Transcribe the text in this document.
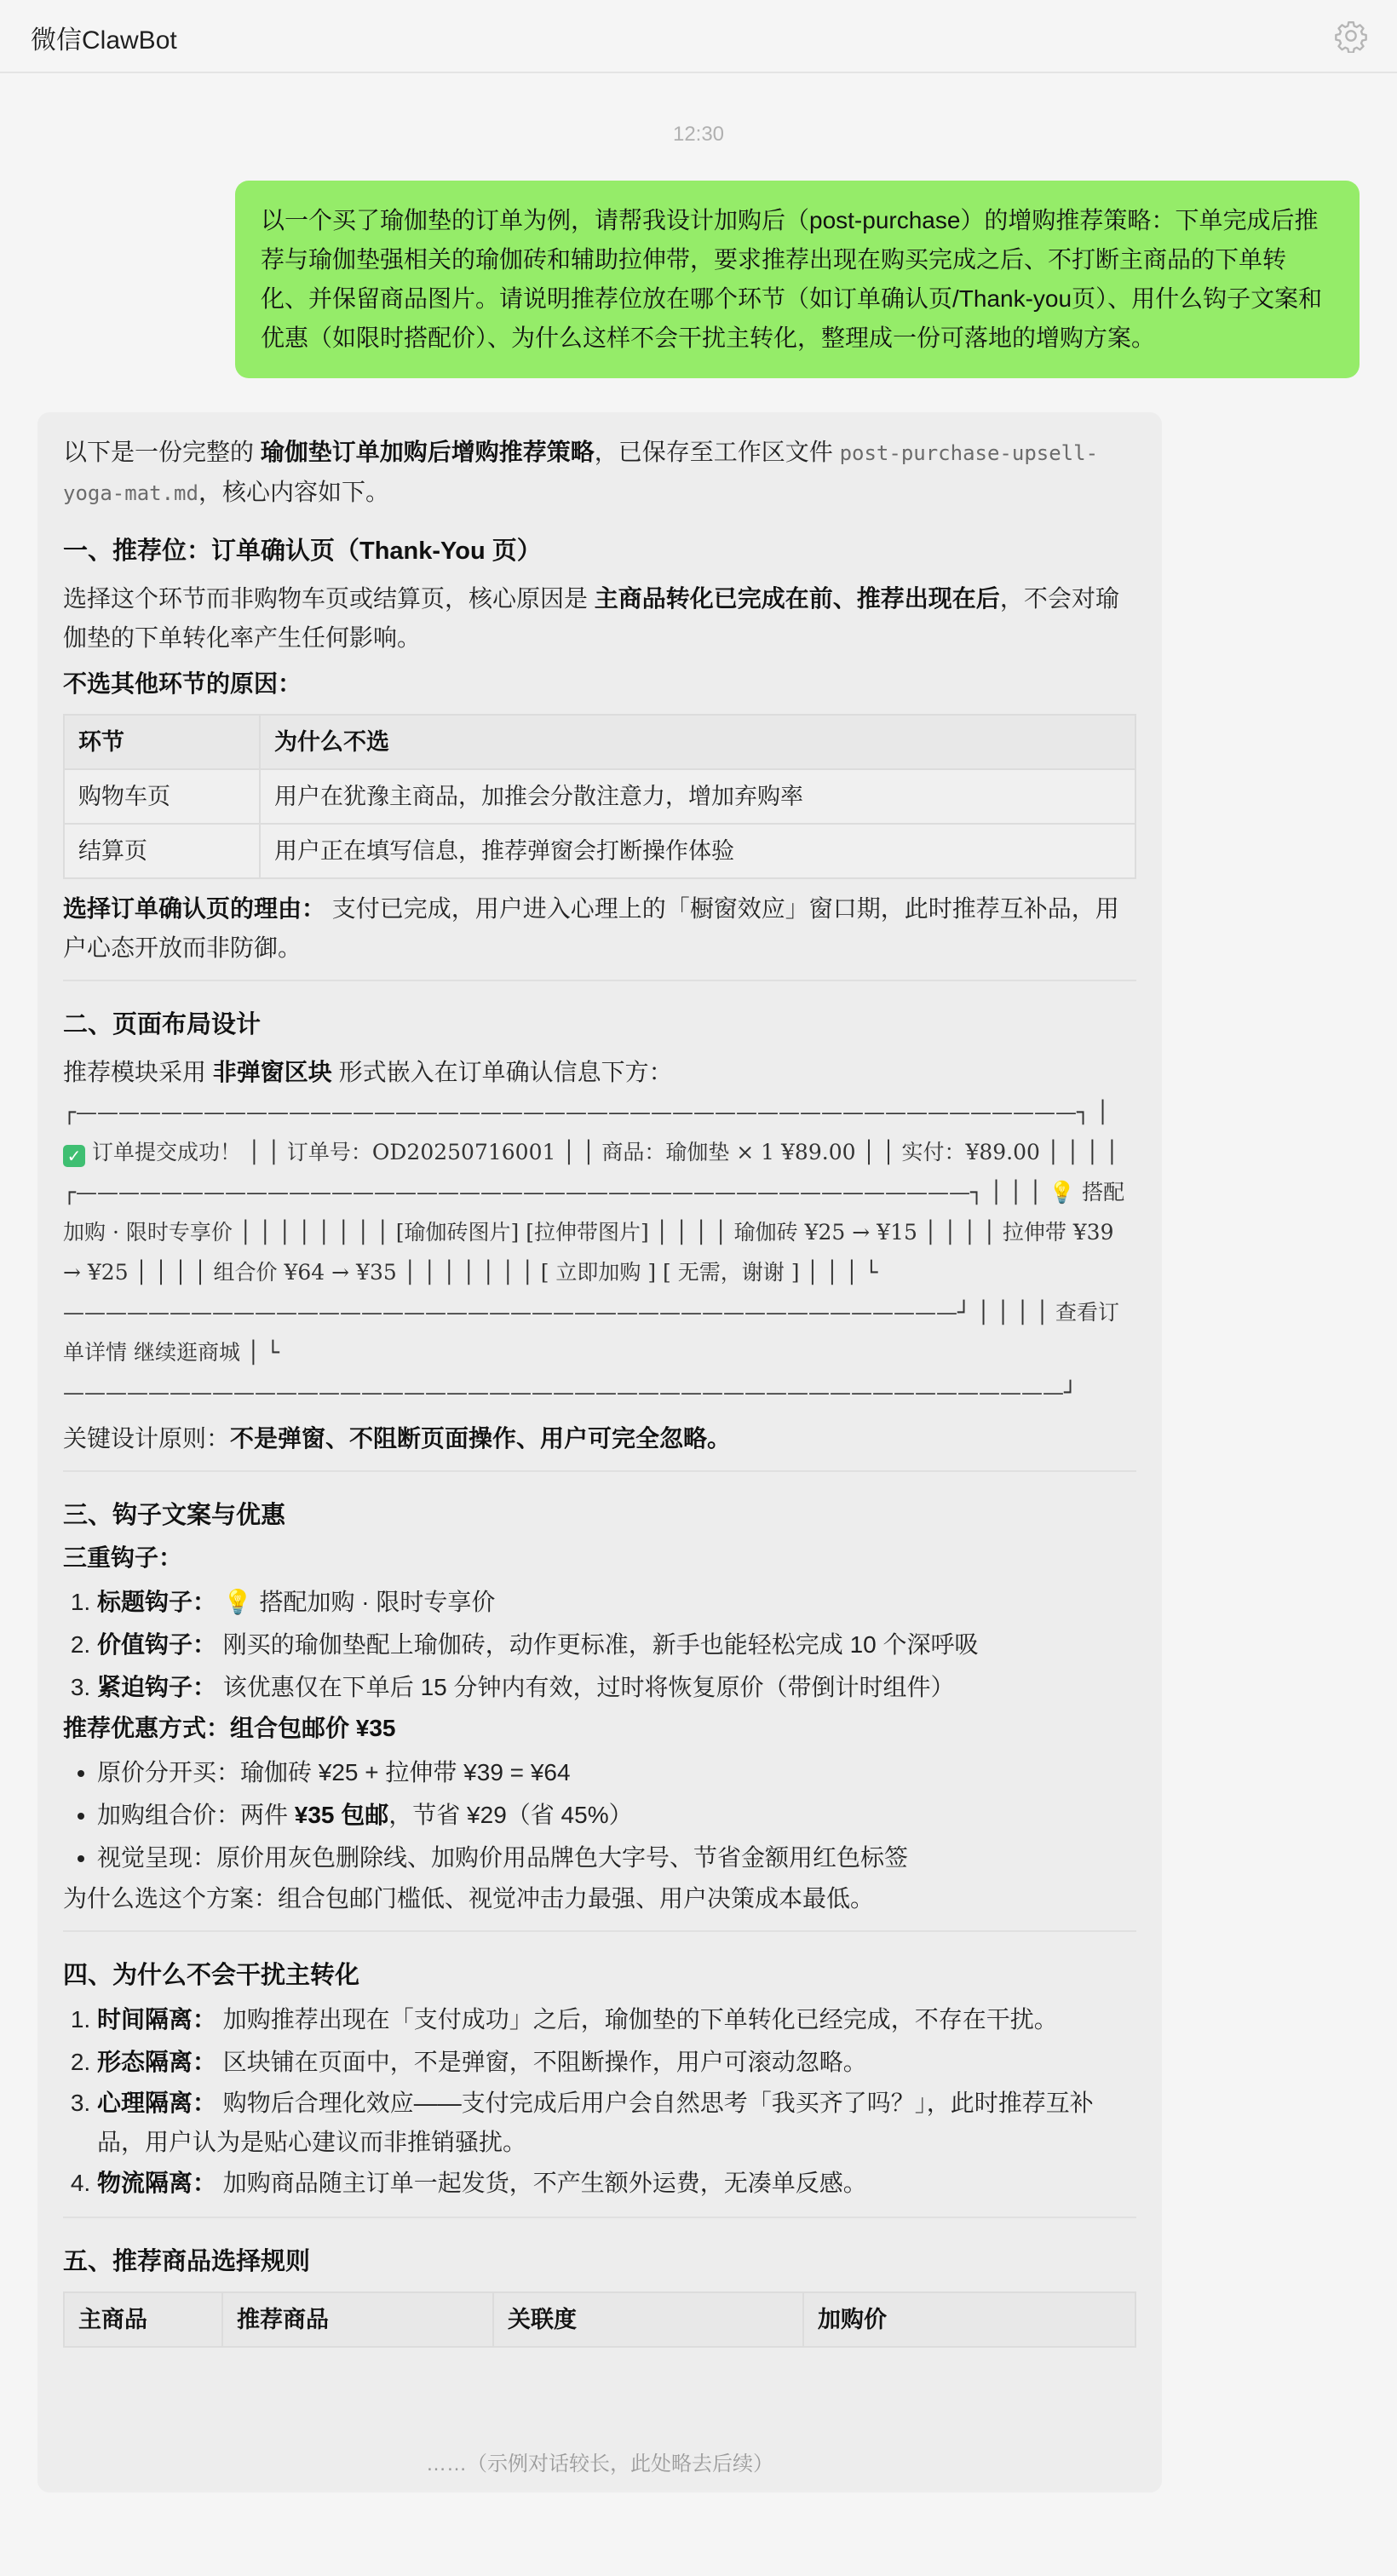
微信ClawBot
12:30
以一个买了瑜伽垫的订单为例，请帮我设计加购后（post-purchase）的增购推荐策略：下单完成后推荐与瑜伽垫强相关的瑜伽砖和辅助拉伸带，要求推荐出现在购买完成之后、不打断主商品的下单转化、并保留商品图片。请说明推荐位放在哪个环节（如订单确认页/Thank-you页）、用什么钩子文案和优惠（如限时搭配价）、为什么这样不会干扰主转化，整理成一份可落地的增购方案。

以下是一份完整的 瑜伽垫订单加购后增购推荐策略，已保存至工作区文件 post-purchase-upsell-yoga-mat.md，核心内容如下。

一、推荐位：订单确认页（Thank-You 页）

选择这个环节而非购物车页或结算页，核心原因是 主商品转化已完成在前、推荐出现在后，不会对瑜伽垫的下单转化率产生任何影响。

不选其他环节的原因：

环节	为什么不选
购物车页	用户在犹豫主商品，加推会分散注意力，增加弃购率
结算页	用户正在填写信息，推荐弹窗会打断操作体验

选择订单确认页的理由： 支付已完成，用户进入心理上的「橱窗效应」窗口期，此时推荐互补品，用户心态开放而非防御。

二、页面布局设计

推荐模块采用 非弹窗区块 形式嵌入在订单确认信息下方：

┌———————————————————————————————————————————————┐ │ ✓ 订单提交成功！ │ │ 订单号：OD20250716001 │ │ 商品：瑜伽垫 × 1 ¥89.00 │ │ 实付：¥89.00 │ │ │ │ ┌——————————————————————————————————————————┐ │ │ │ 💡 搭配加购 · 限时专享价 │ │ │ │ │ │ │ │ [瑜伽砖图片] [拉伸带图片] │ │ │ │ 瑜伽砖 ¥25 → ¥15 │ │ │ │ 拉伸带 ¥39 → ¥25 │ │ │ │ 组合价 ¥64 → ¥35 │ │ │ │ │ │ │ [ 立即加购 ] [ 无需，谢谢 ] │ │ │ └——————————————————————————————————————————┘ │ │ │ │ 查看订单详情 继续逛商城 │ └———————————————————————————————————————————————┘

关键设计原则：不是弹窗、不阻断页面操作、用户可完全忽略。

三、钩子文案与优惠

三重钩子：

1. 标题钩子： 💡 搭配加购 · 限时专享价
2. 价值钩子： 刚买的瑜伽垫配上瑜伽砖，动作更标准，新手也能轻松完成 10 个深呼吸
3. 紧迫钩子： 该优惠仅在下单后 15 分钟内有效，过时将恢复原价（带倒计时组件）

推荐优惠方式：组合包邮价 ¥35

• 原价分开买：瑜伽砖 ¥25 + 拉伸带 ¥39 = ¥64
• 加购组合价：两件 ¥35 包邮，节省 ¥29（省 45%）
• 视觉呈现：原价用灰色删除线、加购价用品牌色大字号、节省金额用红色标签

为什么选这个方案：组合包邮门槛低、视觉冲击力最强、用户决策成本最低。

四、为什么不会干扰主转化
1. 时间隔离： 加购推荐出现在「支付成功」之后，瑜伽垫的下单转化已经完成，不存在干扰。
2. 形态隔离： 区块铺在页面中，不是弹窗，不阻断操作，用户可滚动忽略。
3. 心理隔离： 购物后合理化效应——支付完成后用户会自然思考「我买齐了吗？」，此时推荐互补品，用户认为是贴心建议而非推销骚扰。
4. 物流隔离： 加购商品随主订单一起发货，不产生额外运费，无凑单反感。
五、推荐商品选择规则
主商品	推荐商品	关联度	加购价
……（示例对话较长，此处略去后续）
